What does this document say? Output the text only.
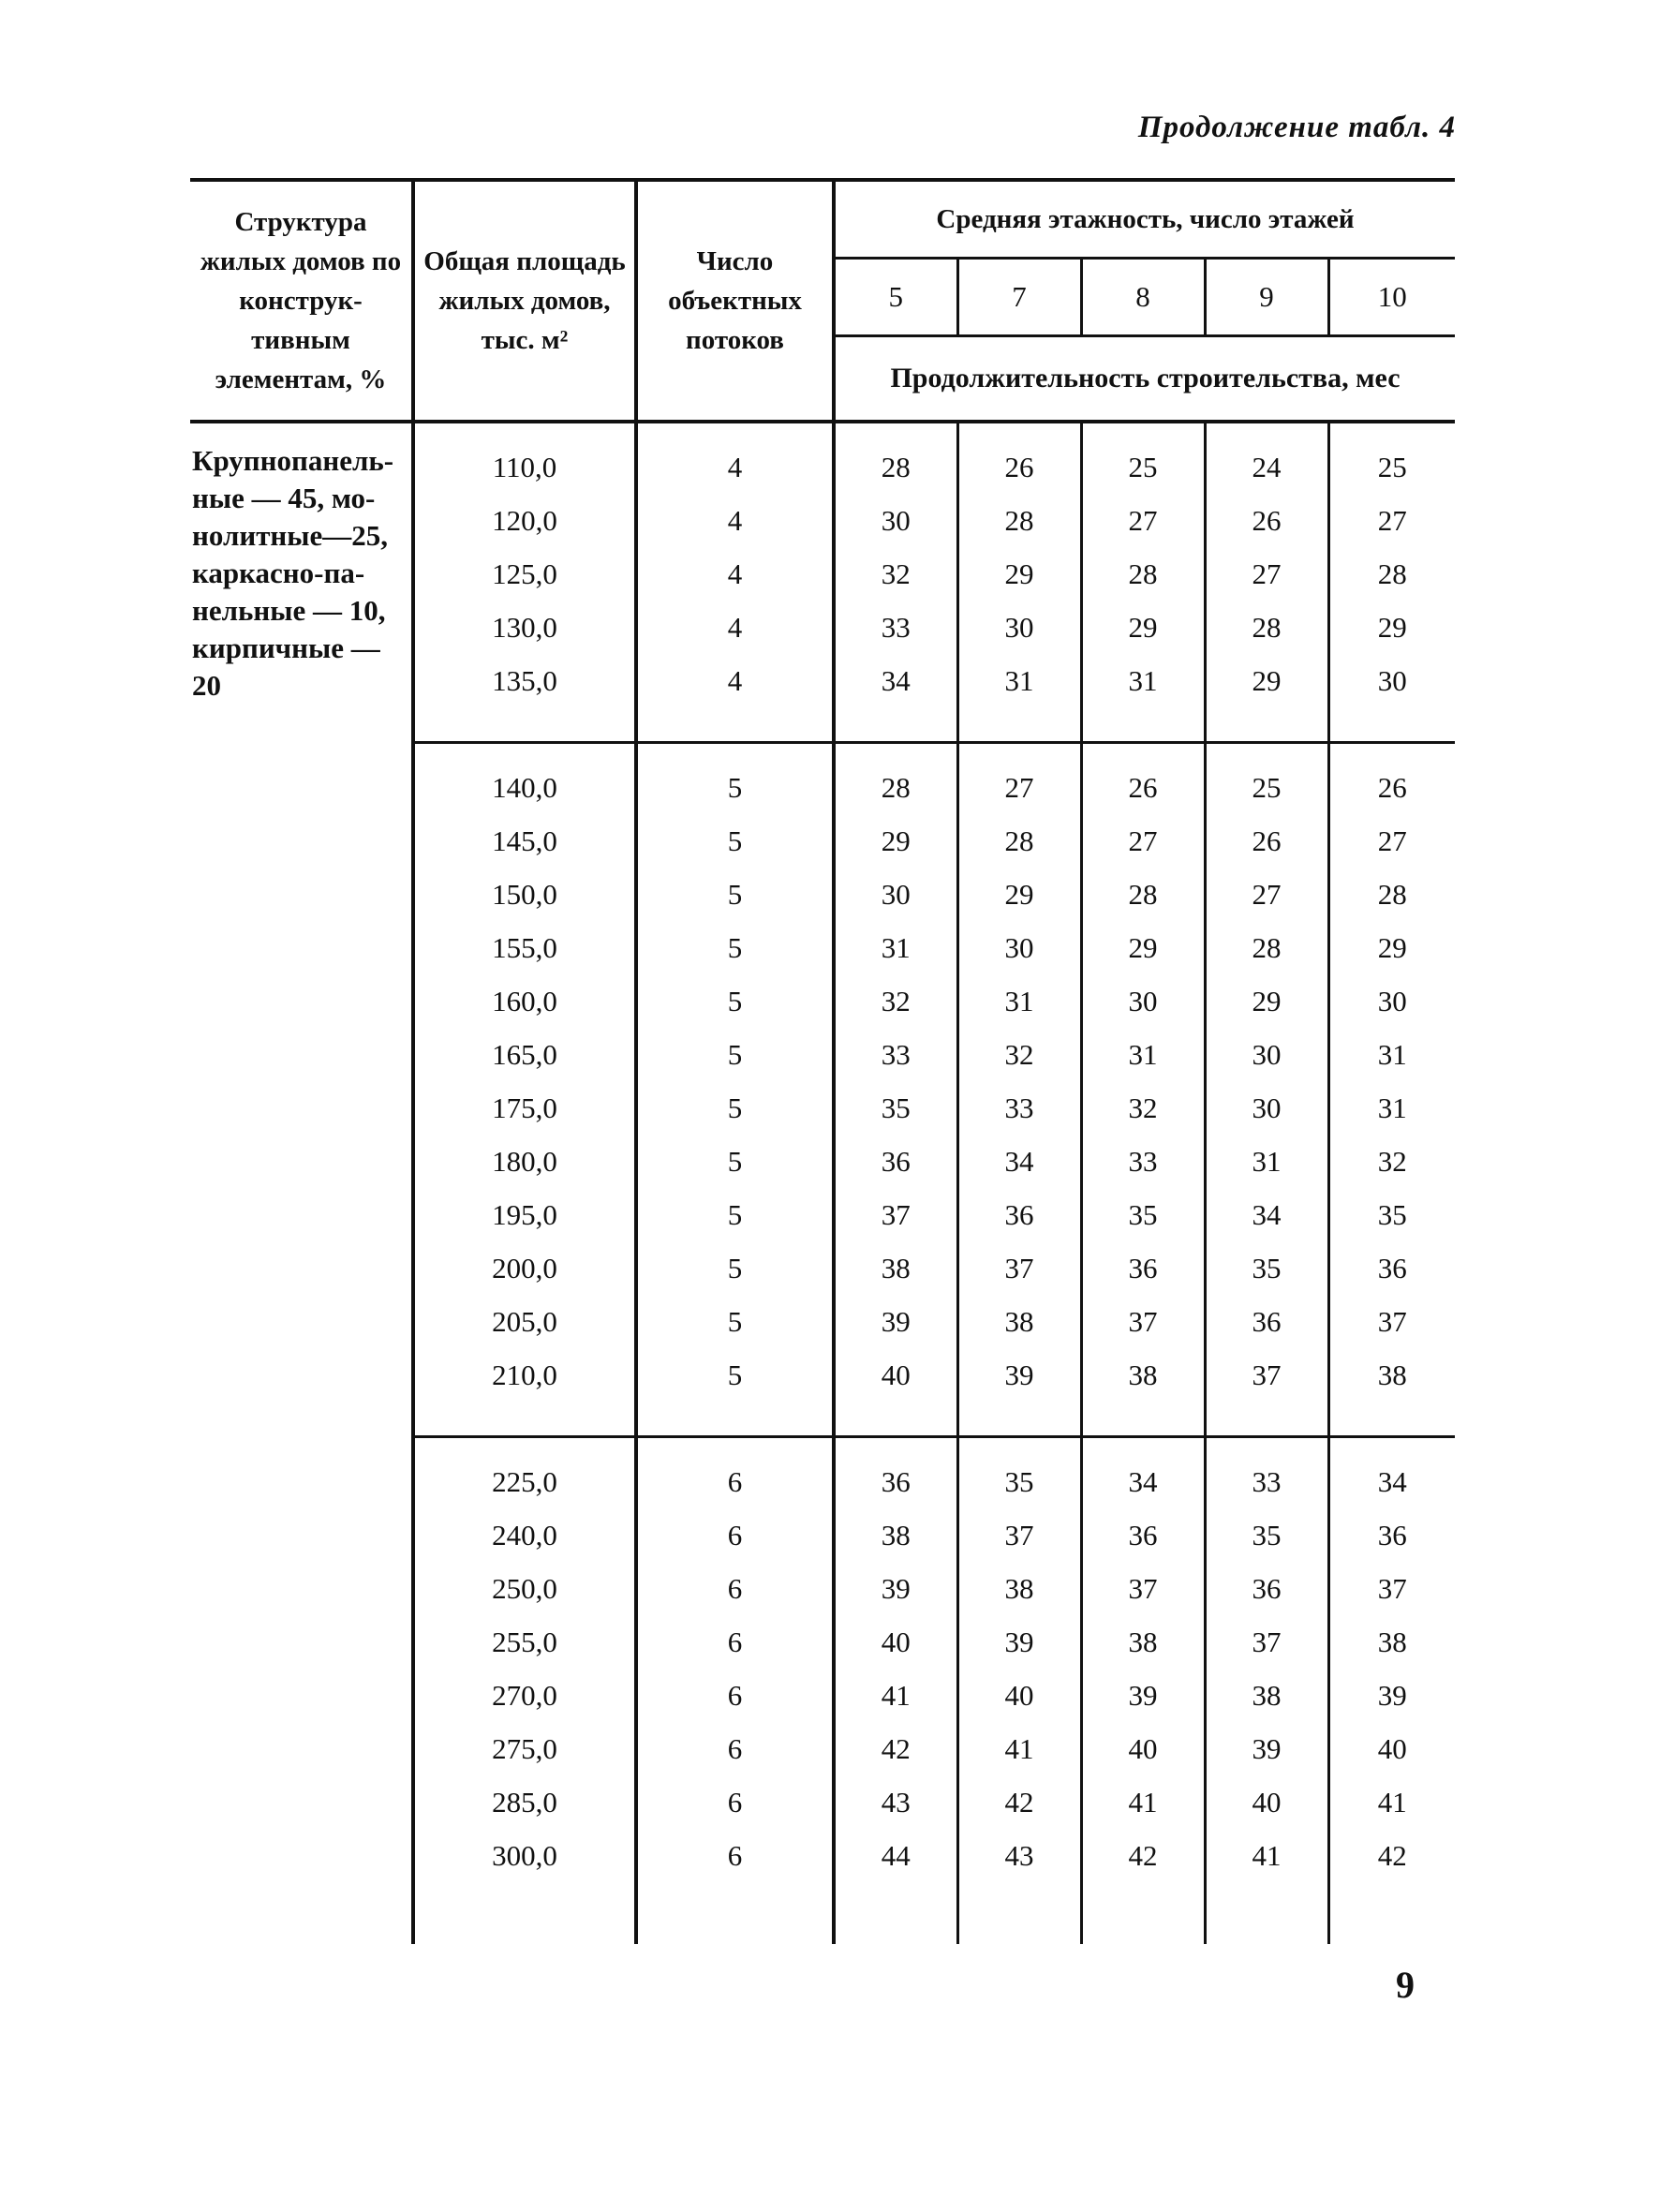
Продолжение табл. 4
Структура жилых домов по конструк-тивным элементам, %	Общая площадь жилых домов, тыс. м²	Число объектных потоков	Средняя этажность, число этажей				
			5	7	8	9	10
			Продолжительность строительства, мес				
Крупнопанель-ные — 45, мо-нолитные—25, каркасно-па-нельные — 10, кирпичные — 20	110,0	4	28	26	25	24	25
	120,0	4	30	28	27	26	27
	125,0	4	32	29	28	27	28
	130,0	4	33	30	29	28	29
	135,0	4	34	31	31	29	30
	140,0	5	28	27	26	25	26
	145,0	5	29	28	27	26	27
	150,0	5	30	29	28	27	28
	155,0	5	31	30	29	28	29
	160,0	5	32	31	30	29	30
	165,0	5	33	32	31	30	31
	175,0	5	35	33	32	30	31
	180,0	5	36	34	33	31	32
	195,0	5	37	36	35	34	35
	200,0	5	38	37	36	35	36
	205,0	5	39	38	37	36	37
	210,0	5	40	39	38	37	38
	225,0	6	36	35	34	33	34
	240,0	6	38	37	36	35	36
	250,0	6	39	38	37	36	37
	255,0	6	40	39	38	37	38
	270,0	6	41	40	39	38	39
	275,0	6	42	41	40	39	40
	285,0	6	43	42	41	40	41
	300,0	6	44	43	42	41	42

9
